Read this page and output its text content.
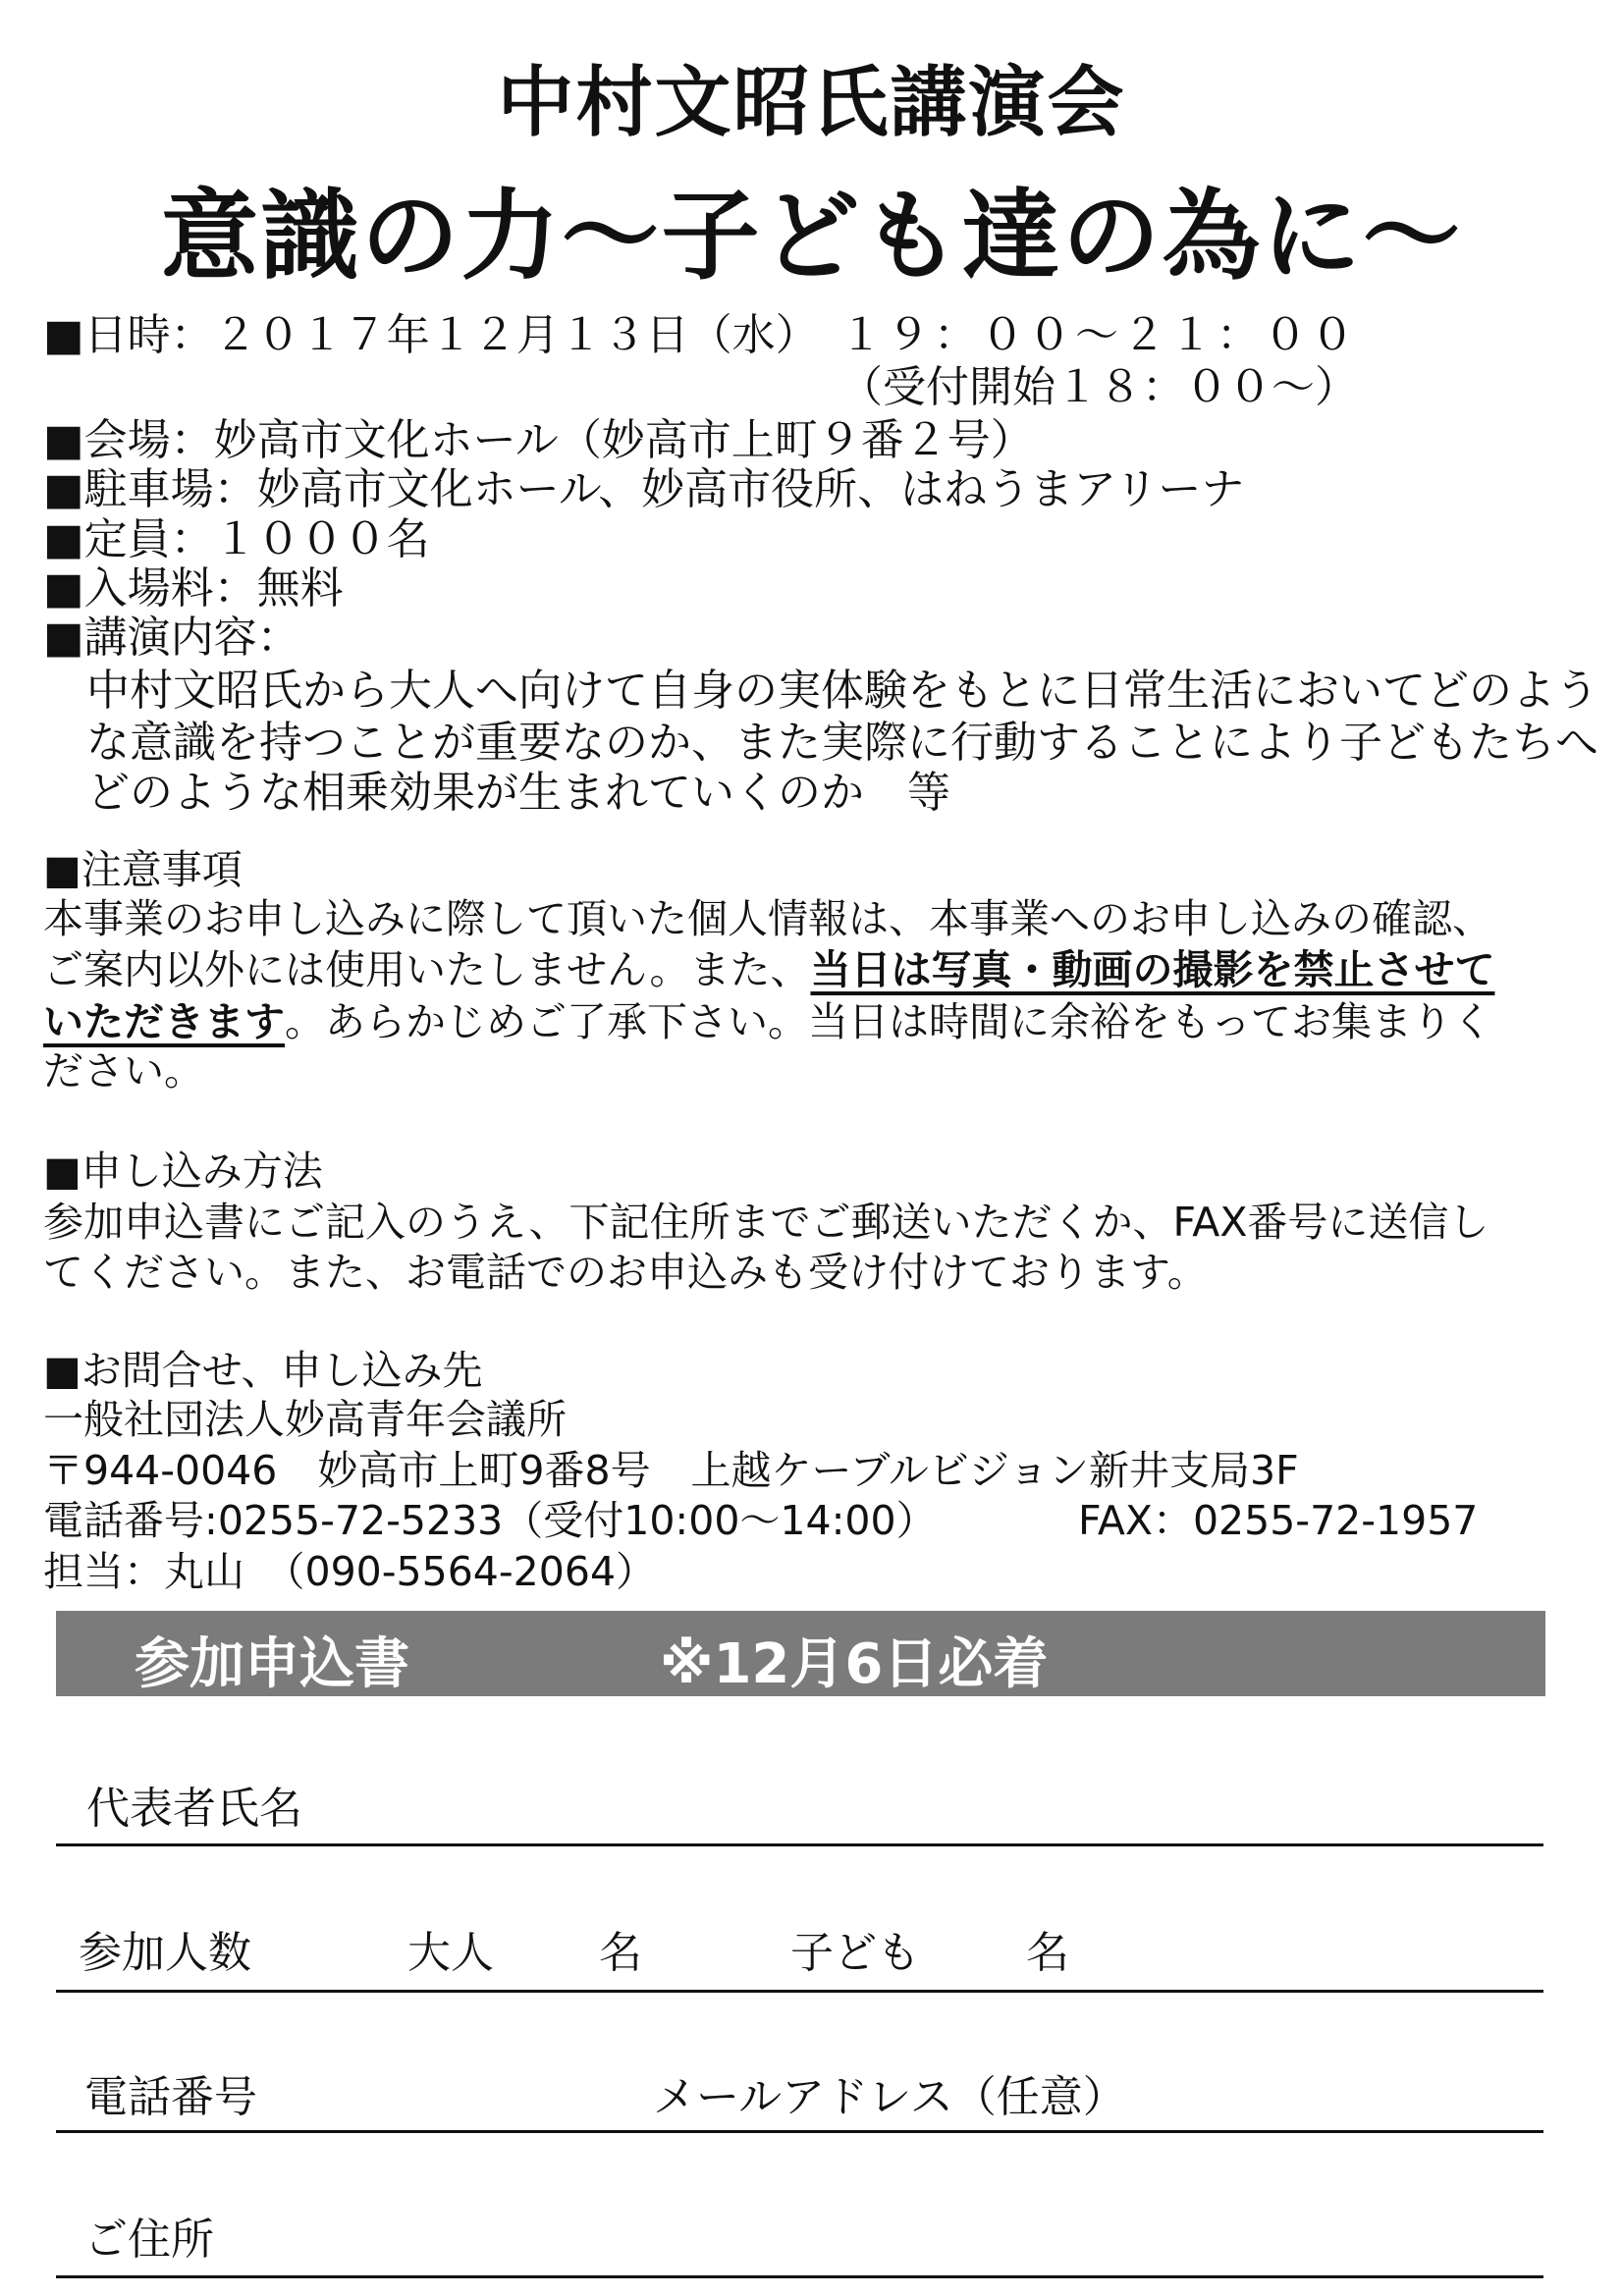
中村文昭氏講演会
意識の力～子ども達の為に～
■日時：２０１７年１２月１３日（水） １９：００～２１：００
（受付開始１８：００～）
■会場：妙高市文化ホール（妙高市上町９番２号）
■駐車場：妙高市文化ホール、妙高市役所、はねうまアリーナ
■定員：１０００名
■入場料：無料
■講演内容：
中村文昭氏から大人へ向けて自身の実体験をもとに日常生活においてどのよう
な意識を持つことが重要なのか、また実際に行動することにより子どもたちへ
どのような相乗効果が生まれていくのか　等
■注意事項
本事業のお申し込みに際して頂いた個人情報は、本事業へのお申し込みの確認、
ご案内以外には使用いたしません。また、当日は写真・動画の撮影を禁止させて
いただきます。あらかじめご了承下さい。当日は時間に余裕をもってお集まりく
ださい。
■申し込み方法
参加申込書にご記入のうえ、下記住所までご郵送いただくか、FAX番号に送信し
てください。また、お電話でのお申込みも受け付けております。
■お問合せ、申し込み先
一般社団法人妙高青年会議所
〒944-0046　妙高市上町9番8号　上越ケーブルビジョン新井支局3F
電話番号:0255-72-5233（受付10:00～14:00）	FAX：0255-72-1957
担当：丸山　（090-5564-2064）
参加申込書	※12月6日必着
代表者氏名
参加人数	大人 名	子ども 名
電話番号	メールアドレス（任意）
ご住所
